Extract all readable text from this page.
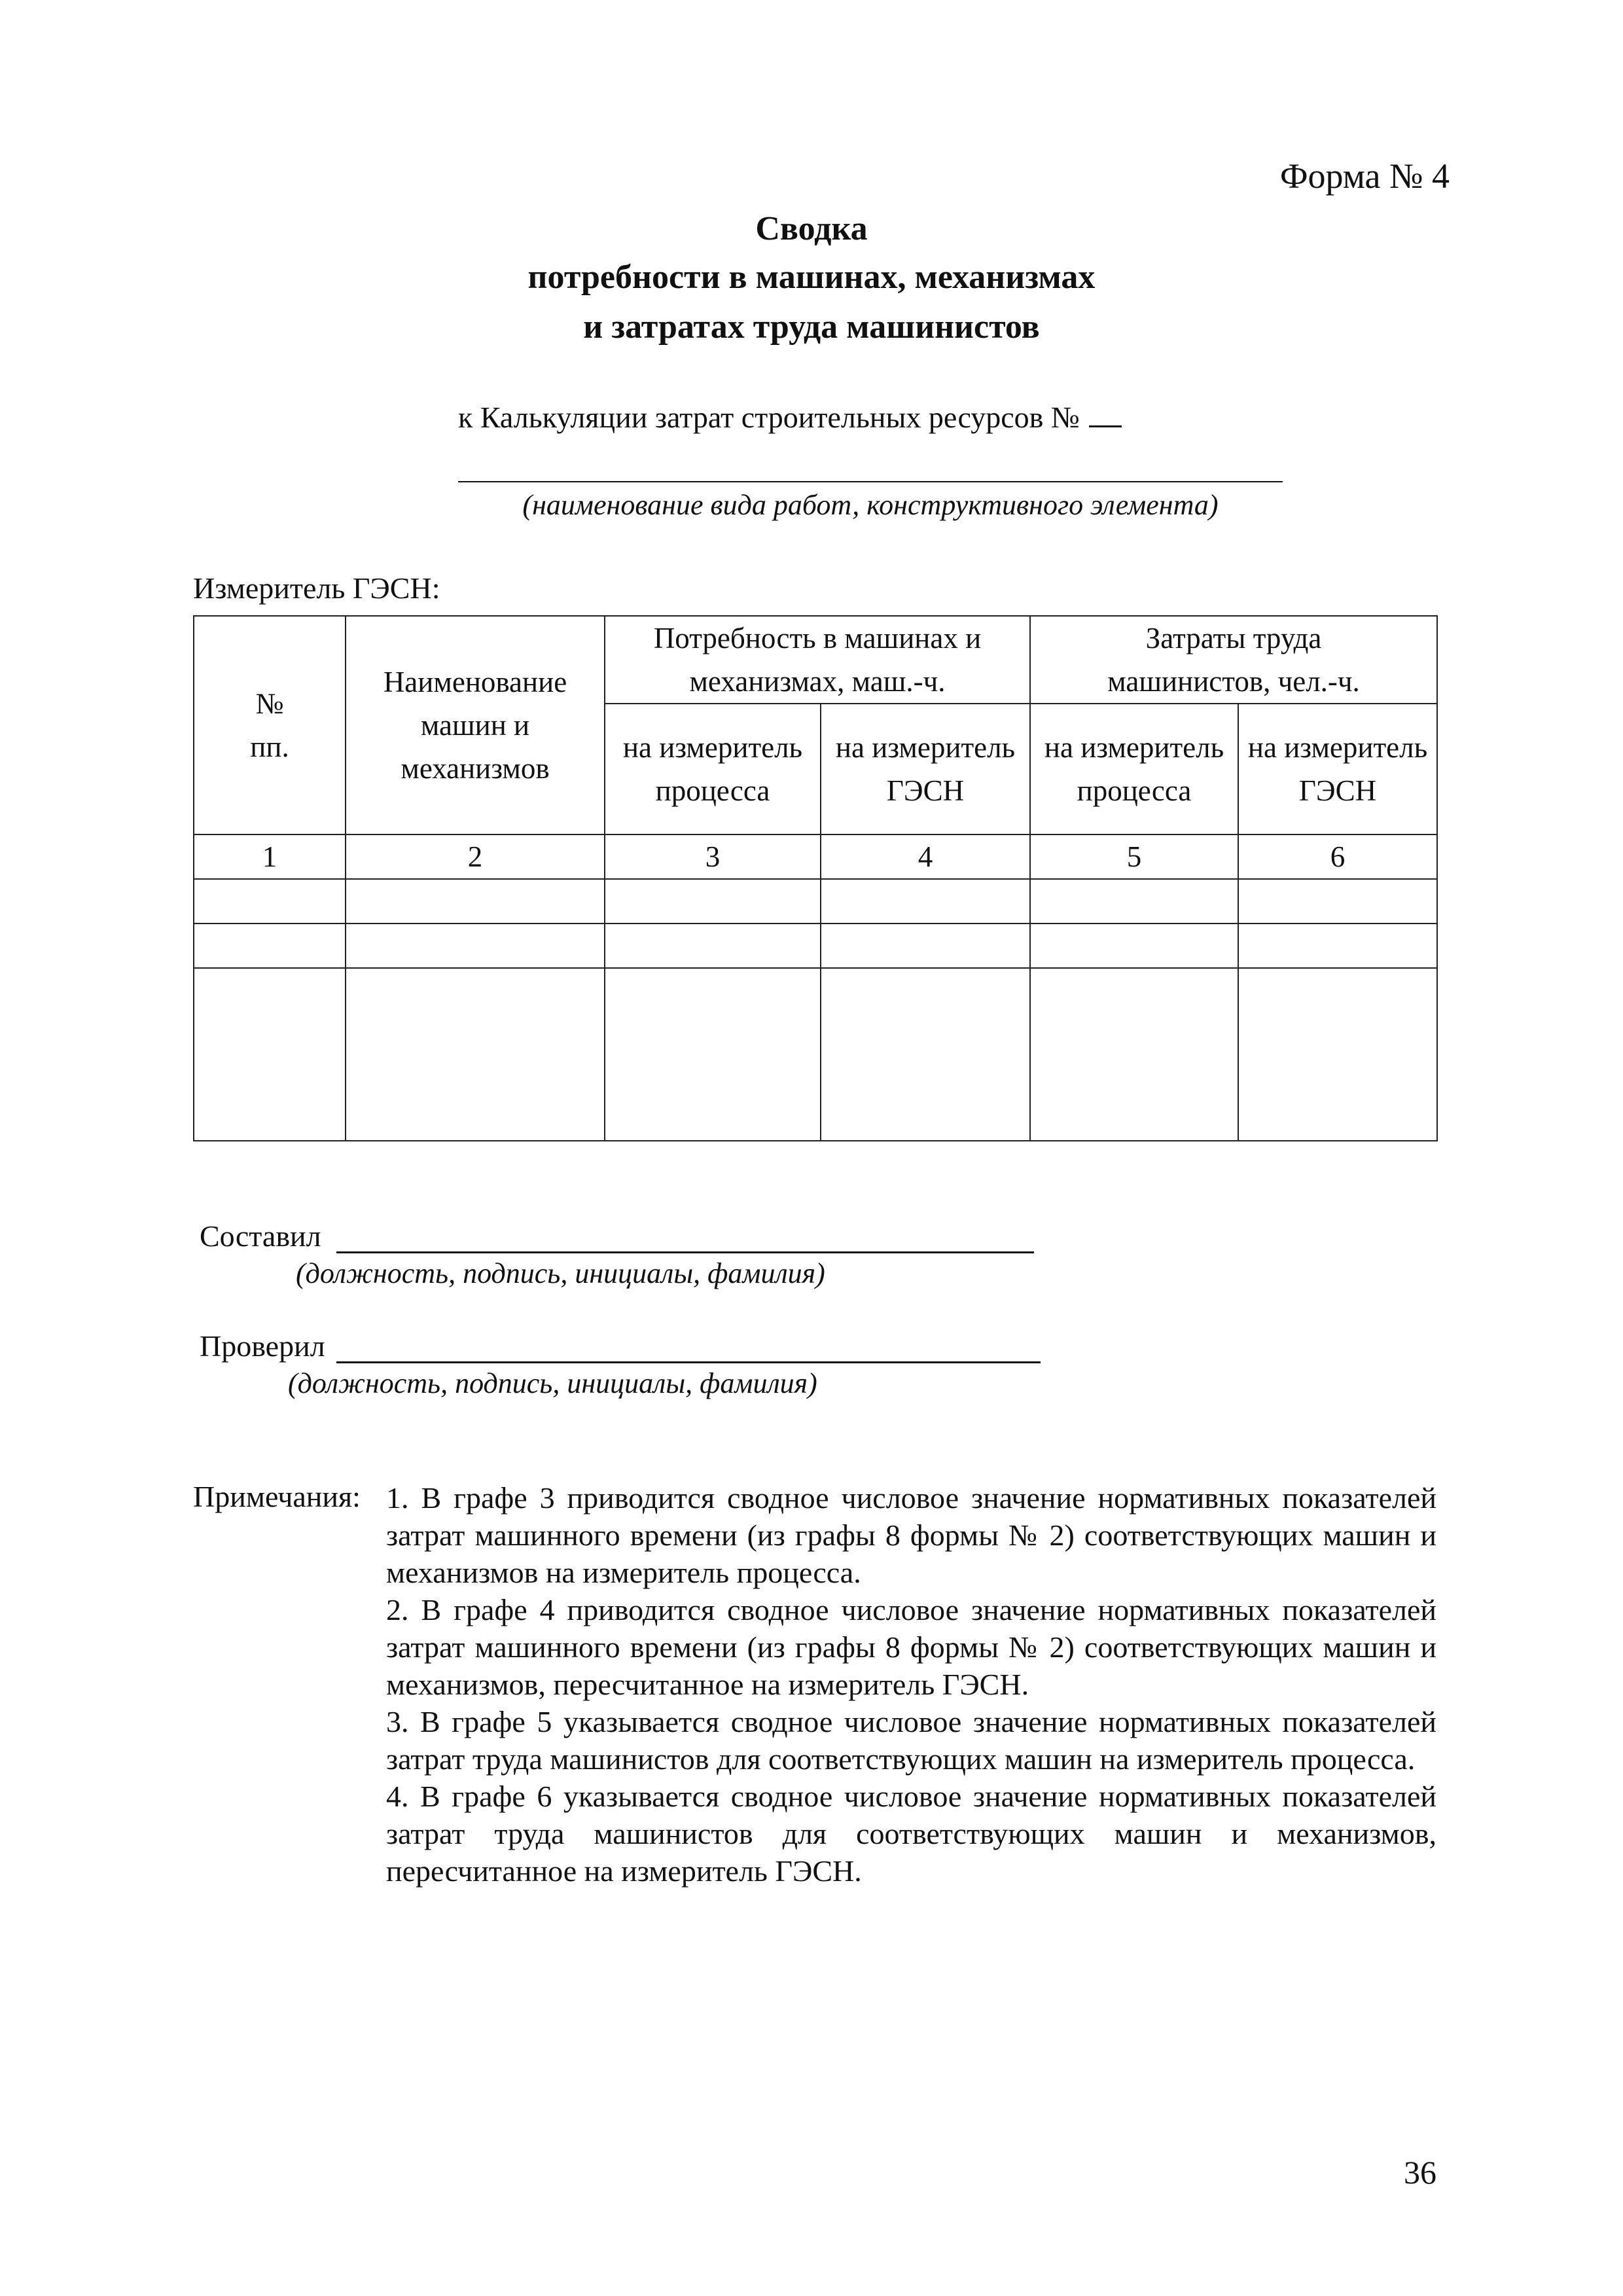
Форма № 4
Сводка
потребности в машинах, механизмах
и затратах труда машинистов
к Калькуляции затрат строительных ресурсов №
(наименование вида работ, конструктивного элемента)
Измеритель ГЭСН:
№ пп.	Наименование машин и механизмов	Потребность в машинах и механизмах, маш.-ч.		Затраты труда машинистов, чел.-ч.	
		на измеритель процесса	на измеритель ГЭСН	на измеритель процесса	на измеритель ГЭСН
1	2	3	4	5	6

Составил
(должность, подпись, инициалы, фамилия)
Проверил
(должность, подпись, инициалы, фамилия)
Примечания: 1. В графе 3 приводится сводное числовое значение нормативных показателей затрат машинного времени (из графы 8 формы № 2) соответствующих машин и механизмов на измеритель процесса.

2. В графе 4 приводится сводное числовое значение нормативных показателей затрат машинного времени (из графы 8 формы № 2) соответствующих машин и механизмов, пересчитанное на измеритель ГЭСН.

3. В графе 5 указывается сводное числовое значение нормативных показателей затрат труда машинистов для соответствующих машин на измеритель процесса.

4. В графе 6 указывается сводное числовое значение нормативных показателей затрат труда машинистов для соответствующих машин и механизмов, пересчитанное на измеритель ГЭСН.

36
